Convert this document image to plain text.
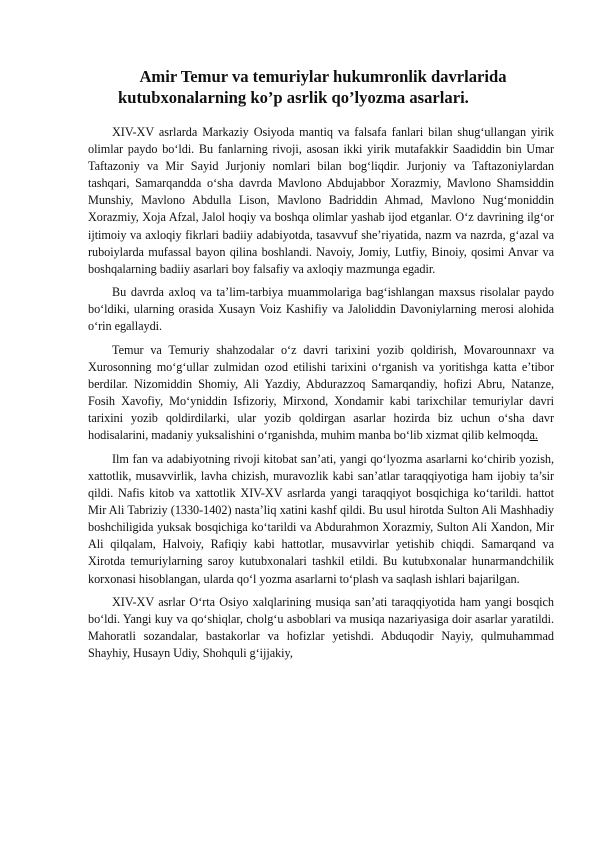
Amir Temur va temuriylar hukumronlik davrlarida
kutubxonalarning ko’p asrlik qo’lyozma asarlari.

XIV-XV asrlarda Markaziy Osiyoda mantiq va falsafa fanlari bilan shug‘ullangan yirik olimlar paydo bo‘ldi. Bu fanlarning rivoji, asosan ikki yirik mutafakkir Saadiddin bin Umar Taftazoniy va Mir Sayid Jurjoniy nomlari bilan bog‘liqdir. Jurjoniy va Taftazoniylardan tashqari, Samarqandda o‘sha davrda Mavlono Abdujabbor Xorazmiy, Mavlono Shamsiddin Munshiy, Mavlono Abdulla Lison, Mavlono Badriddin Ahmad, Mavlono Nug‘moniddin Xorazmiy, Xoja Afzal, Jalol hoqiy va boshqa olimlar yashab ijod etganlar. O‘z davrining ilg‘or ijtimoiy va axloqiy fikrlari badiiy adabiyotda, tasavvuf she’riyatida, nazm va nazrda, g‘azal va ruboiylarda mufassal bayon qilina boshlandi. Navoiy, Jomiy, Lutfiy, Binoiy, qosimi Anvar va boshqalarning badiiy asarlari boy falsafiy va axloqiy mazmunga egadir.

Bu davrda axloq va ta’lim-tarbiya muammolariga bag‘ishlangan maxsus risolalar paydo bo‘ldiki, ularning orasida Xusayn Voiz Kashifiy va Jaloliddin Davoniylarning merosi alohida o‘rin egallaydi.

Temur va Temuriy shahzodalar o‘z davri tarixini yozib qoldirish, Movarounnaxr va Xurosonning mo‘g‘ullar zulmidan ozod etilishi tarixini o‘rganish va yoritishga katta e’tibor berdilar. Nizomiddin Shomiy, Ali Yazdiy, Abdurazzoq Samarqandiy, hofizi Abru, Natanze, Fosih Xavofiy, Mo‘yniddin Isfizoriy, Mirxond, Xondamir kabi tarixchilar temuriylar davri tarixini yozib qoldirdilarki, ular yozib qoldirgan asarlar hozirda biz uchun o‘sha davr hodisalarini, madaniy yuksalishini o‘rganishda, muhim manba bo‘lib xizmat qilib kelmoqda.

Ilm fan va adabiyotning rivoji kitobat san’ati, yangi qo‘lyozma asarlarni ko‘chirib yozish, xattotlik, musavvirlik, lavha chizish, muravozlik kabi san’atlar taraqqiyotiga ham ijobiy ta’sir qildi. Nafis kitob va xattotlik XIV-XV asrlarda yangi taraqqiyot bosqichiga ko‘tarildi. hattot Mir Ali Tabriziy (1330-1402) nasta’liq xatini kashf qildi. Bu usul hirotda Sulton Ali Mashhadiy boshchiligida yuksak bosqichiga ko‘tarildi va Abdurahmon Xorazmiy, Sulton Ali Xandon, Mir Ali qilqalam, Halvoiy, Rafiqiy kabi hattotlar, musavvirlar yetishib chiqdi. Samarqand va Xirotda temuriylarning saroy kutubxonalari tashkil etildi. Bu kutubxonalar hunarmandchilik korxonasi hisoblangan, ularda qo‘l yozma asarlarni to‘plash va saqlash ishlari bajarilgan.

XIV-XV asrlar O‘rta Osiyo xalqlarining musiqa san’ati taraqqiyotida ham yangi bosqich bo‘ldi. Yangi kuy va qo‘shiqlar, cholg‘u asboblari va musiqa nazariyasiga doir asarlar yaratildi. Mahoratli sozandalar, bastakorlar va hofizlar yetishdi. Abduqodir Nayiy, qulmuhammad Shayhiy, Husayn Udiy, Shohquli g‘ijjakiy,
